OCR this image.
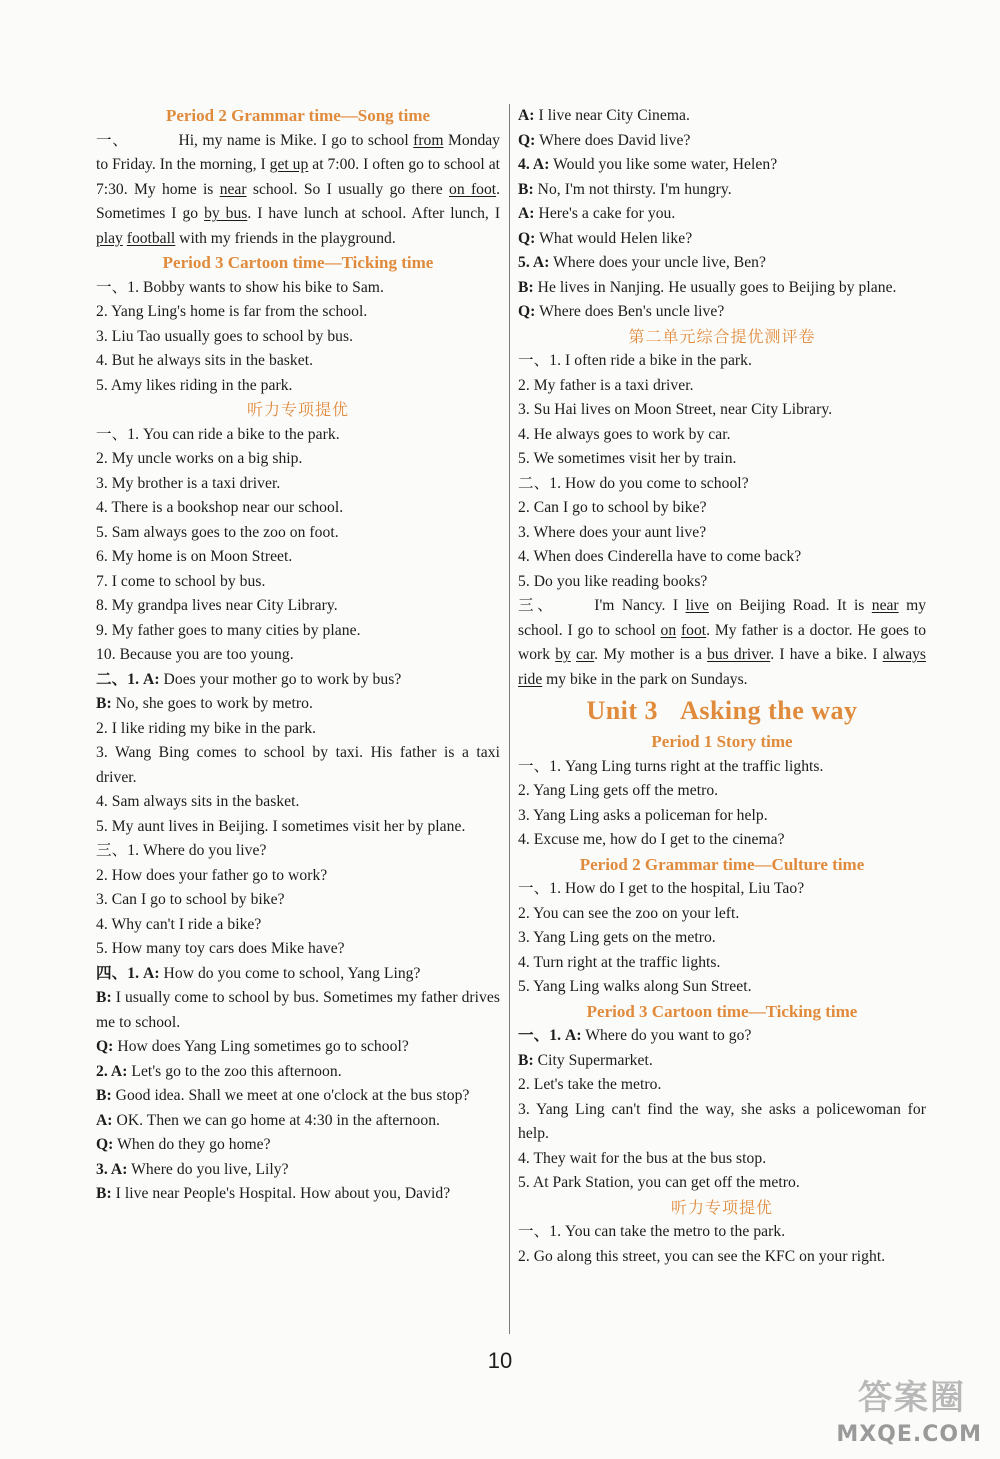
Period 2 Grammar time—Song time
一、	Hi, my name is Mike. I go to school from Monday to Friday. In the morning, I get up at 7:00. I often go to school at 7:30. My home is near school. So I usually go there on foot. Sometimes I go by bus. I have lunch at school. After lunch, I play football with my friends in the playground.
Period 3 Cartoon time—Ticking time
一、1. Bobby wants to show his bike to Sam.
2. Yang Ling's home is far from the school.
3. Liu Tao usually goes to school by bus.
4. But he always sits in the basket.
5. Amy likes riding in the park.
听力专项提优
一、1. You can ride a bike to the park.
2. My uncle works on a big ship.
3. My brother is a taxi driver.
4. There is a bookshop near our school.
5. Sam always goes to the zoo on foot.
6. My home is on Moon Street.
7. I come to school by bus.
8. My grandpa lives near City Library.
9. My father goes to many cities by plane.
10. Because you are too young.
二、1. A: Does your mother go to work by bus?
B: No, she goes to work by metro.
2. I like riding my bike in the park.
3. Wang Bing comes to school by taxi. His father is a taxi driver.
4. Sam always sits in the basket.
5. My aunt lives in Beijing. I sometimes visit her by plane.
三、1. Where do you live?
2. How does your father go to work?
3. Can I go to school by bike?
4. Why can't I ride a bike?
5. How many toy cars does Mike have?
四、1. A: How do you come to school, Yang Ling?
B: I usually come to school by bus. Sometimes my father drives me to school.
Q: How does Yang Ling sometimes go to school?
2. A: Let's go to the zoo this afternoon.
B: Good idea. Shall we meet at one o'clock at the bus stop?
A: OK. Then we can go home at 4:30 in the afternoon.
Q: When do they go home?
3. A: Where do you live, Lily?
B: I live near People's Hospital. How about you, David?
A: I live near City Cinema.
Q: Where does David live?
4. A: Would you like some water, Helen?
B: No, I'm not thirsty. I'm hungry.
A: Here's a cake for you.
Q: What would Helen like?
5. A: Where does your uncle live, Ben?
B: He lives in Nanjing. He usually goes to Beijing by plane.
Q: Where does Ben's uncle live?
第二单元综合提优测评卷
一、1. I often ride a bike in the park.
2. My father is a taxi driver.
3. Su Hai lives on Moon Street, near City Library.
4. He always goes to work by car.
5. We sometimes visit her by train.
二、1. How do you come to school?
2. Can I go to school by bike?
3. Where does your aunt live?
4. When does Cinderella have to come back?
5. Do you like reading books?
三、 I'm Nancy. I live on Beijing Road. It is near my school. I go to school on foot. My father is a doctor. He goes to work by car. My mother is a bus driver. I have a bike. I always ride my bike in the park on Sundays.
Unit 3 Asking the way
Period 1 Story time
一、1. Yang Ling turns right at the traffic lights.
2. Yang Ling gets off the metro.
3. Yang Ling asks a policeman for help.
4. Excuse me, how do I get to the cinema?
Period 2 Grammar time—Culture time
一、1. How do I get to the hospital, Liu Tao?
2. You can see the zoo on your left.
3. Yang Ling gets on the metro.
4. Turn right at the traffic lights.
5. Yang Ling walks along Sun Street.
Period 3 Cartoon time—Ticking time
一、1. A: Where do you want to go?
B: City Supermarket.
2. Let's take the metro.
3. Yang Ling can't find the way, she asks a policewoman for help.
4. They wait for the bus at the bus stop.
5. At Park Station, you can get off the metro.
听力专项提优
一、1. You can take the metro to the park.
2. Go along this street, you can see the KFC on your right.
10
答案圈
MXQE.COM
